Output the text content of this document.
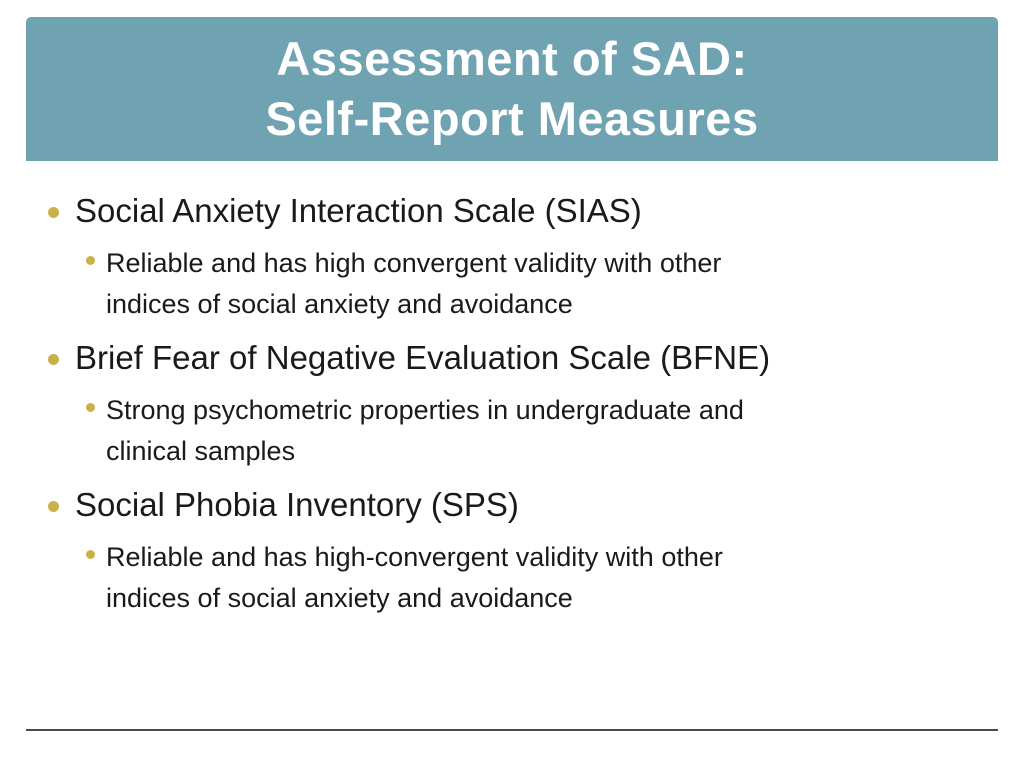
Assessment of SAD:
Self-Report Measures
Social Anxiety Interaction Scale (SIAS)
Reliable and has high convergent validity with other
indices of social anxiety and avoidance
Brief Fear of Negative Evaluation Scale (BFNE)
Strong psychometric properties in undergraduate and
clinical samples
Social Phobia Inventory (SPS)
Reliable and has high-convergent validity with other
indices of social anxiety and avoidance
